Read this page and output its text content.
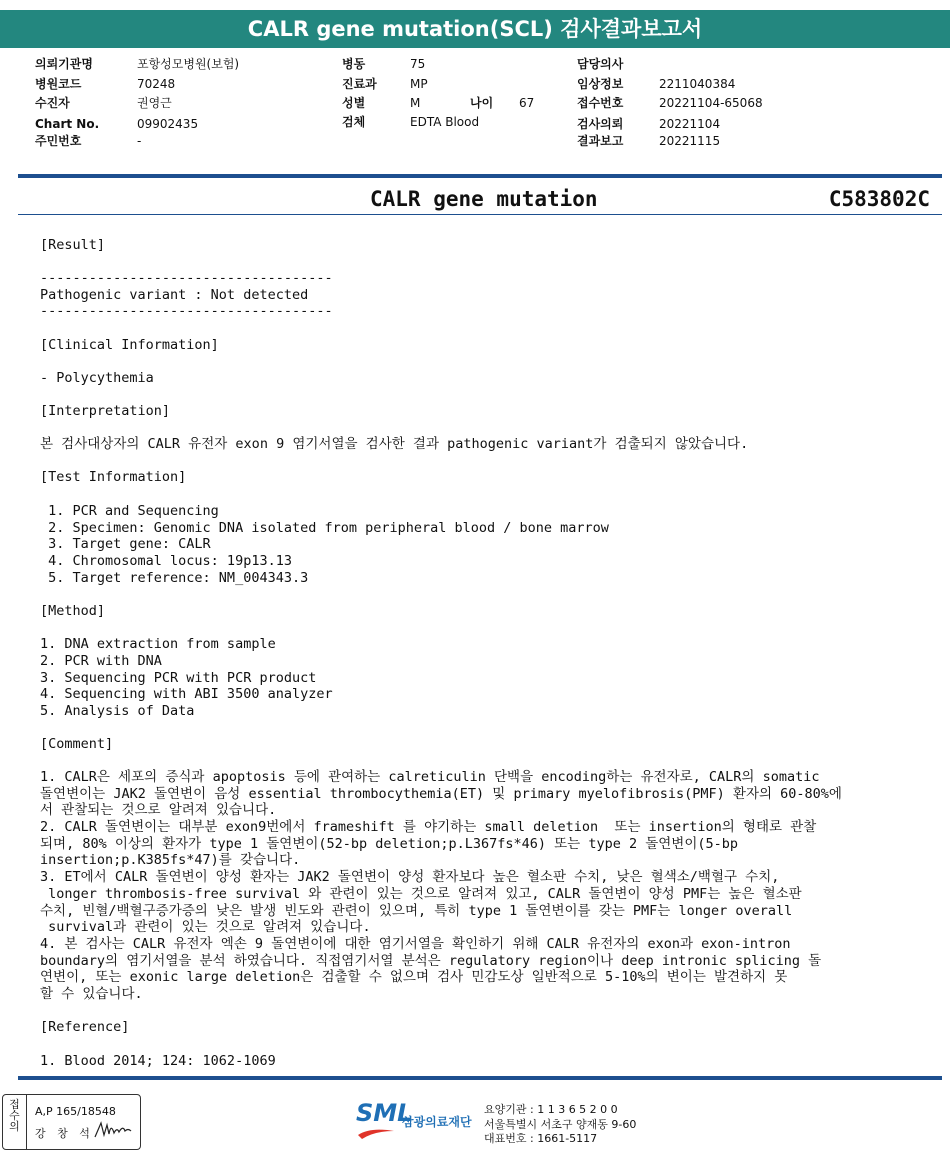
CALR gene mutation(SCL) 검사결과보고서
의뢰기관명	포항성모병원(보험)
병원코드	70248
수진자	권영근
Chart No.	09902435
주민번호	-
병동	75
진료과	MP
성별	M	나이 67
검체	EDTA Blood
담당의사
임상정보	2211040384
접수번호	20221104-65068
검사의뢰	20221104
결과보고	20221115
CALR gene mutation	C583802C
[Result]
------------------------------------
Pathogenic variant : Not detected
------------------------------------
[Clinical Information]
- Polycythemia
[Interpretation]
본 검사대상자의 CALR 유전자 exon 9 염기서열을 검사한 결과 pathogenic variant가 검출되지 않았습니다.
[Test Information]
1. PCR and Sequencing
2. Specimen: Genomic DNA isolated from peripheral blood / bone marrow
3. Target gene: CALR
4. Chromosomal locus: 19p13.13
5. Target reference: NM_004343.3
[Method]
1. DNA extraction from sample
2. PCR with DNA
3. Sequencing PCR with PCR product
4. Sequencing with ABI 3500 analyzer
5. Analysis of Data
[Comment]
1. CALR은 세포의 증식과 apoptosis 등에 관여하는 calreticulin 단백을 encoding하는 유전자로, CALR의 somatic
돌연변이는 JAK2 돌연변이 음성 essential thrombocythemia(ET) 및 primary myelofibrosis(PMF) 환자의 60-80%에
서 관찰되는 것으로 알려져 있습니다.
2. CALR 돌연변이는 대부분 exon9번에서 frameshift 를 야기하는 small deletion  또는 insertion의 형태로 관찰
되며, 80% 이상의 환자가 type 1 돌연변이(52-bp deletion;p.L367fs*46) 또는 type 2 돌연변이(5-bp
insertion;p.K385fs*47)를 갖습니다.
3. ET에서 CALR 돌연변이 양성 환자는 JAK2 돌연변이 양성 환자보다 높은 혈소판 수치, 낮은 혈색소/백혈구 수치,
longer thrombosis-free survival 와 관련이 있는 것으로 알려져 있고, CALR 돌연변이 양성 PMF는 높은 혈소판
수치, 빈혈/백혈구증가증의 낮은 발생 빈도와 관련이 있으며, 특히 type 1 돌연변이를 갖는 PMF는 longer overall
survival과 관련이 있는 것으로 알려져 있습니다.
4. 본 검사는 CALR 유전자 엑손 9 돌연변이에 대한 염기서열을 확인하기 위해 CALR 유전자의 exon과 exon-intron
boundary의 염기서열을 분석 하였습니다. 직접염기서열 분석은 regulatory region이나 deep intronic splicing 돌
연변이, 또는 exonic large deletion은 검출할 수 없으며 검사 민감도상 일반적으로 5-10%의 변이는 발견하지 못
할 수 있습니다.
[Reference]
1. Blood 2014; 124: 1062-1069
접수의
A,P 165/18548
강 창 석
SML
삼광의료재단
요양기관 : 1 1 3 6 5 2 0 0
서울특별시 서초구 양재동 9-60
대표번호 : 1661-5117
